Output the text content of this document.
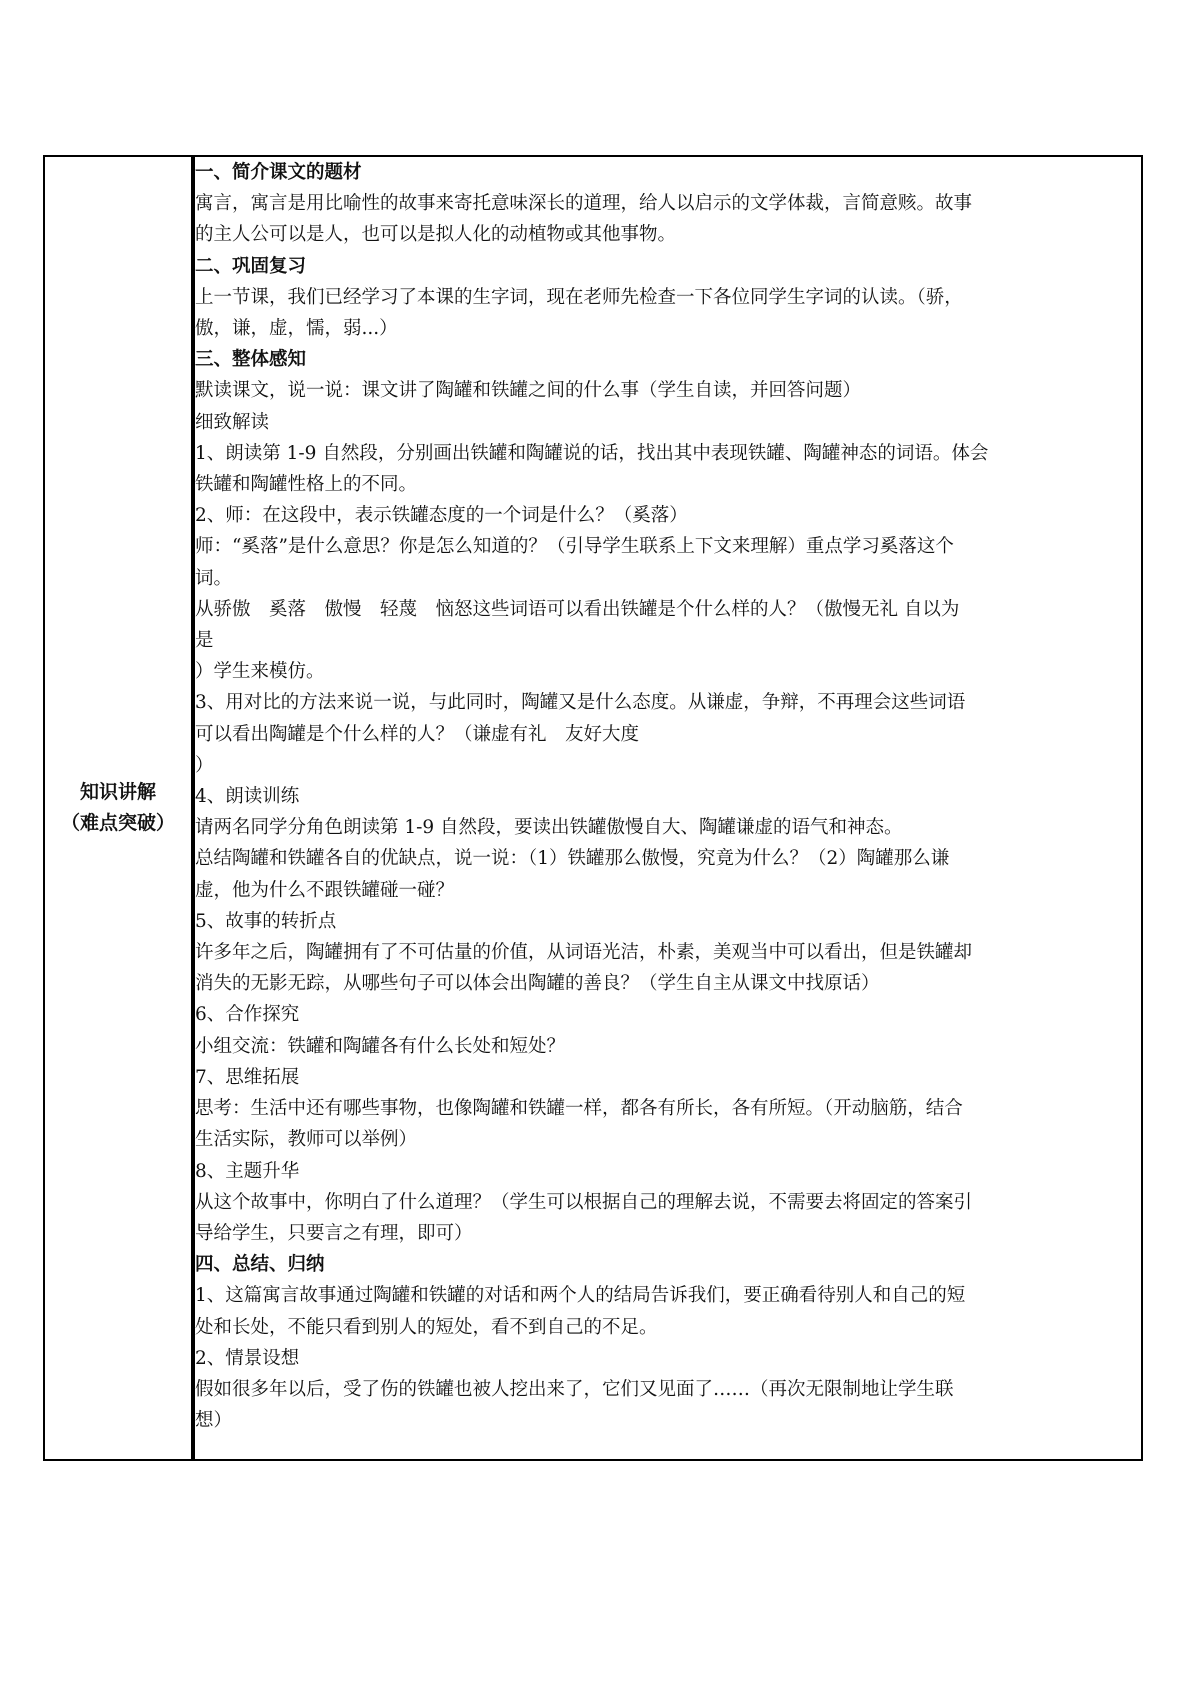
知识讲解
（难点突破）

一、简介课文的题材
寓言，寓言是用比喻性的故事来寄托意味深长的道理，给人以启示的文学体裁，言简意赅。故事
的主人公可以是人，也可以是拟人化的动植物或其他事物。
二、巩固复习
上一节课，我们已经学习了本课的生字词，现在老师先检查一下各位同学生字词的认读。（骄，
傲，谦，虚，懦，弱...）
三、整体感知
默读课文，说一说：课文讲了陶罐和铁罐之间的什么事（学生自读，并回答问题）
细致解读
1、朗读第 1-9 自然段，分别画出铁罐和陶罐说的话，找出其中表现铁罐、陶罐神态的词语。体会
铁罐和陶罐性格上的不同。
2、师：在这段中，表示铁罐态度的一个词是什么？（奚落）
师：“奚落”是什么意思？你是怎么知道的？（引导学生联系上下文来理解）重点学习奚落这个
词。
从骄傲　奚落　傲慢　轻蔑　恼怒这些词语可以看出铁罐是个什么样的人？（傲慢无礼 自以为
是
）学生来模仿。
3、用对比的方法来说一说，与此同时，陶罐又是什么态度。从谦虚，争辩，不再理会这些词语
可以看出陶罐是个什么样的人？（谦虚有礼　友好大度
）
4、朗读训练
请两名同学分角色朗读第 1-9 自然段，要读出铁罐傲慢自大、陶罐谦虚的语气和神态。
总结陶罐和铁罐各自的优缺点，说一说：（1）铁罐那么傲慢，究竟为什么？（2）陶罐那么谦
虚，他为什么不跟铁罐碰一碰？
5、故事的转折点
许多年之后，陶罐拥有了不可估量的价值，从词语光洁，朴素，美观当中可以看出，但是铁罐却
消失的无影无踪，从哪些句子可以体会出陶罐的善良？（学生自主从课文中找原话）
6、合作探究
小组交流：铁罐和陶罐各有什么长处和短处？
7、思维拓展
思考：生活中还有哪些事物，也像陶罐和铁罐一样，都各有所长，各有所短。（开动脑筋，结合
生活实际，教师可以举例）
8、主题升华
从这个故事中，你明白了什么道理？（学生可以根据自己的理解去说，不需要去将固定的答案引
导给学生，只要言之有理，即可）
四、总结、归纳
1、这篇寓言故事通过陶罐和铁罐的对话和两个人的结局告诉我们，要正确看待别人和自己的短
处和长处，不能只看到别人的短处，看不到自己的不足。
2、情景设想
假如很多年以后，受了伤的铁罐也被人挖出来了，它们又见面了……（再次无限制地让学生联
想）
